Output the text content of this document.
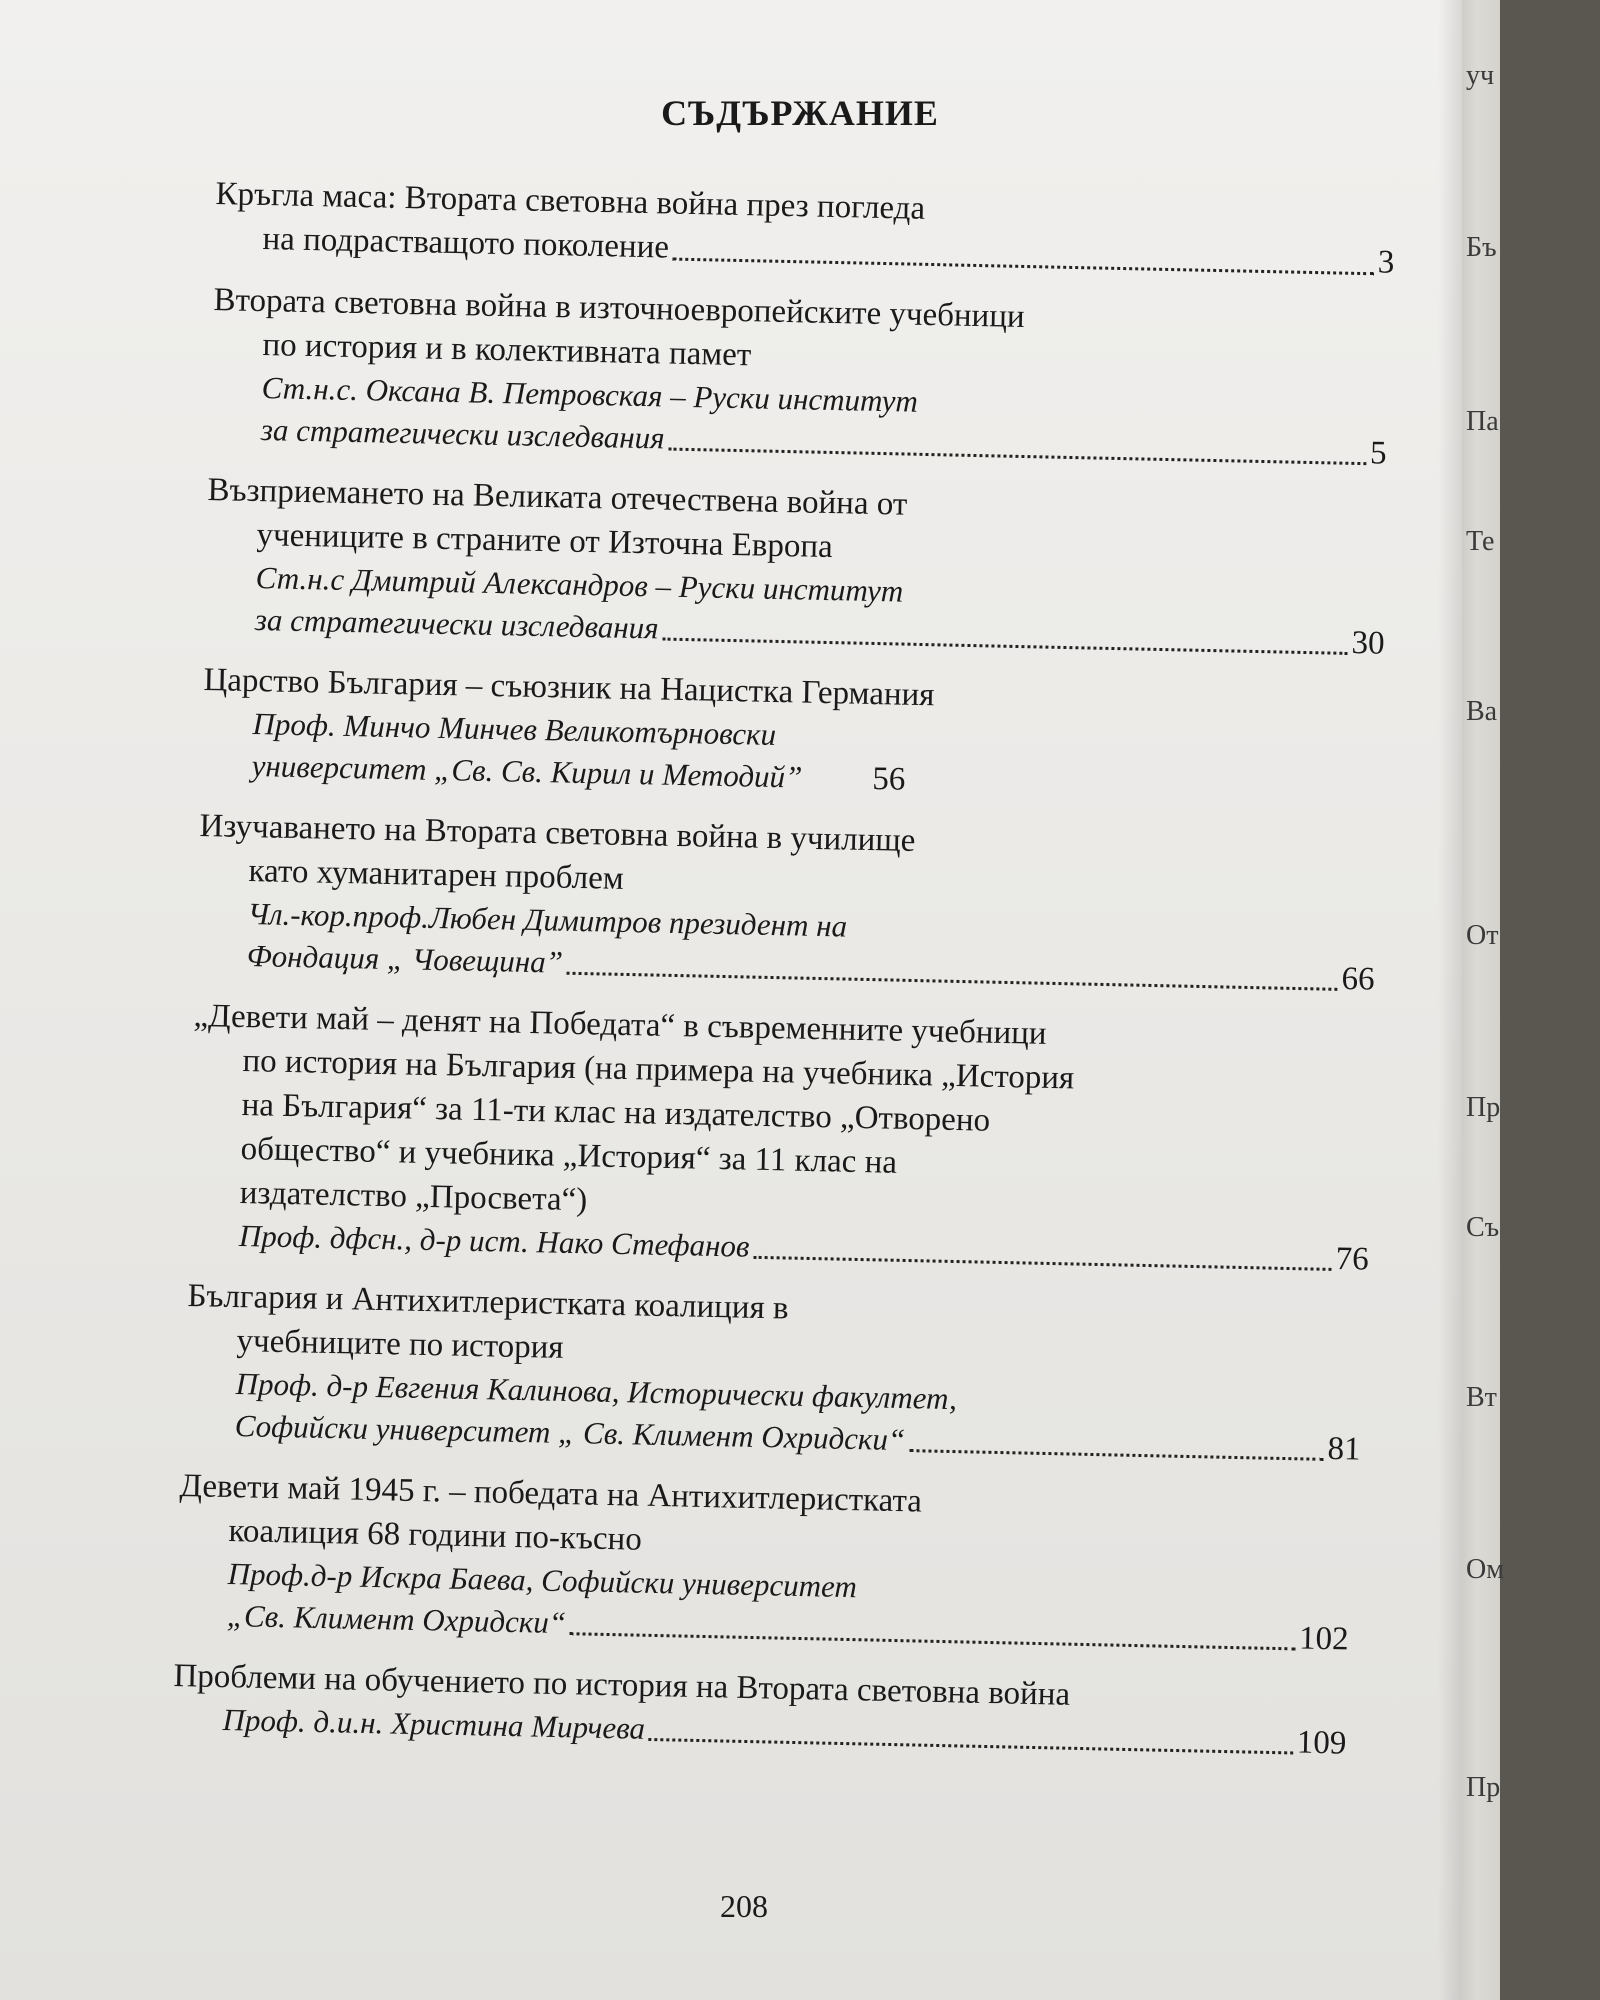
СЪДЪРЖАНИЕ
Кръгла маса: Втората световна война през погледа
на подрастващото поколение	3
Втората световна война в източноевропейските учебници
по история и в колективната памет
Ст.н.с. Оксана В. Петровская – Руски институт
за стратегически изследвания	5
Възприемането на Великата отечествена война от
учениците в страните от Източна Европа
Ст.н.с Дмитрий Александров – Руски институт
за стратегически изследвания	30
Царство България – съюзник на Нацистка Германия
Проф. Минчо Минчев Великотърновски
университет „Св. Св. Кирил и Методий” 56
Изучаването на Втората световна война в училище
като хуманитарен проблем
Чл.-кор.проф.Любен Димитров президент на
Фондация „ Човещина”	66
„Девети май – денят на Победата“ в съвременните учебници
по история на България (на примера на учебника „История
на България“ за 11-ти клас на издателство „Отворено
общество“ и учебника „История“ за 11 клас на
издателство „Просвета“)
Проф. дфсн., д-р ист. Нако Стефанов	76
България и Антихитлеристката коалиция в
учебниците по история
Проф. д-р Евгения Калинова, Исторически факултет,
Софийски университет „ Св. Климент Охридски“	81
Девети май 1945 г. – победата на Антихитлеристката
коалиция 68 години по-късно
Проф.д-р Искра Баева, Софийски университет
„Св. Климент Охридски“	102
Проблеми на обучението по история на Втората световна война
Проф. д.и.н. Христина Мирчева	109
208
уч
Бъ
Па
Те
Ва
От
Пр
Съ
Вт
Ом
Пр
